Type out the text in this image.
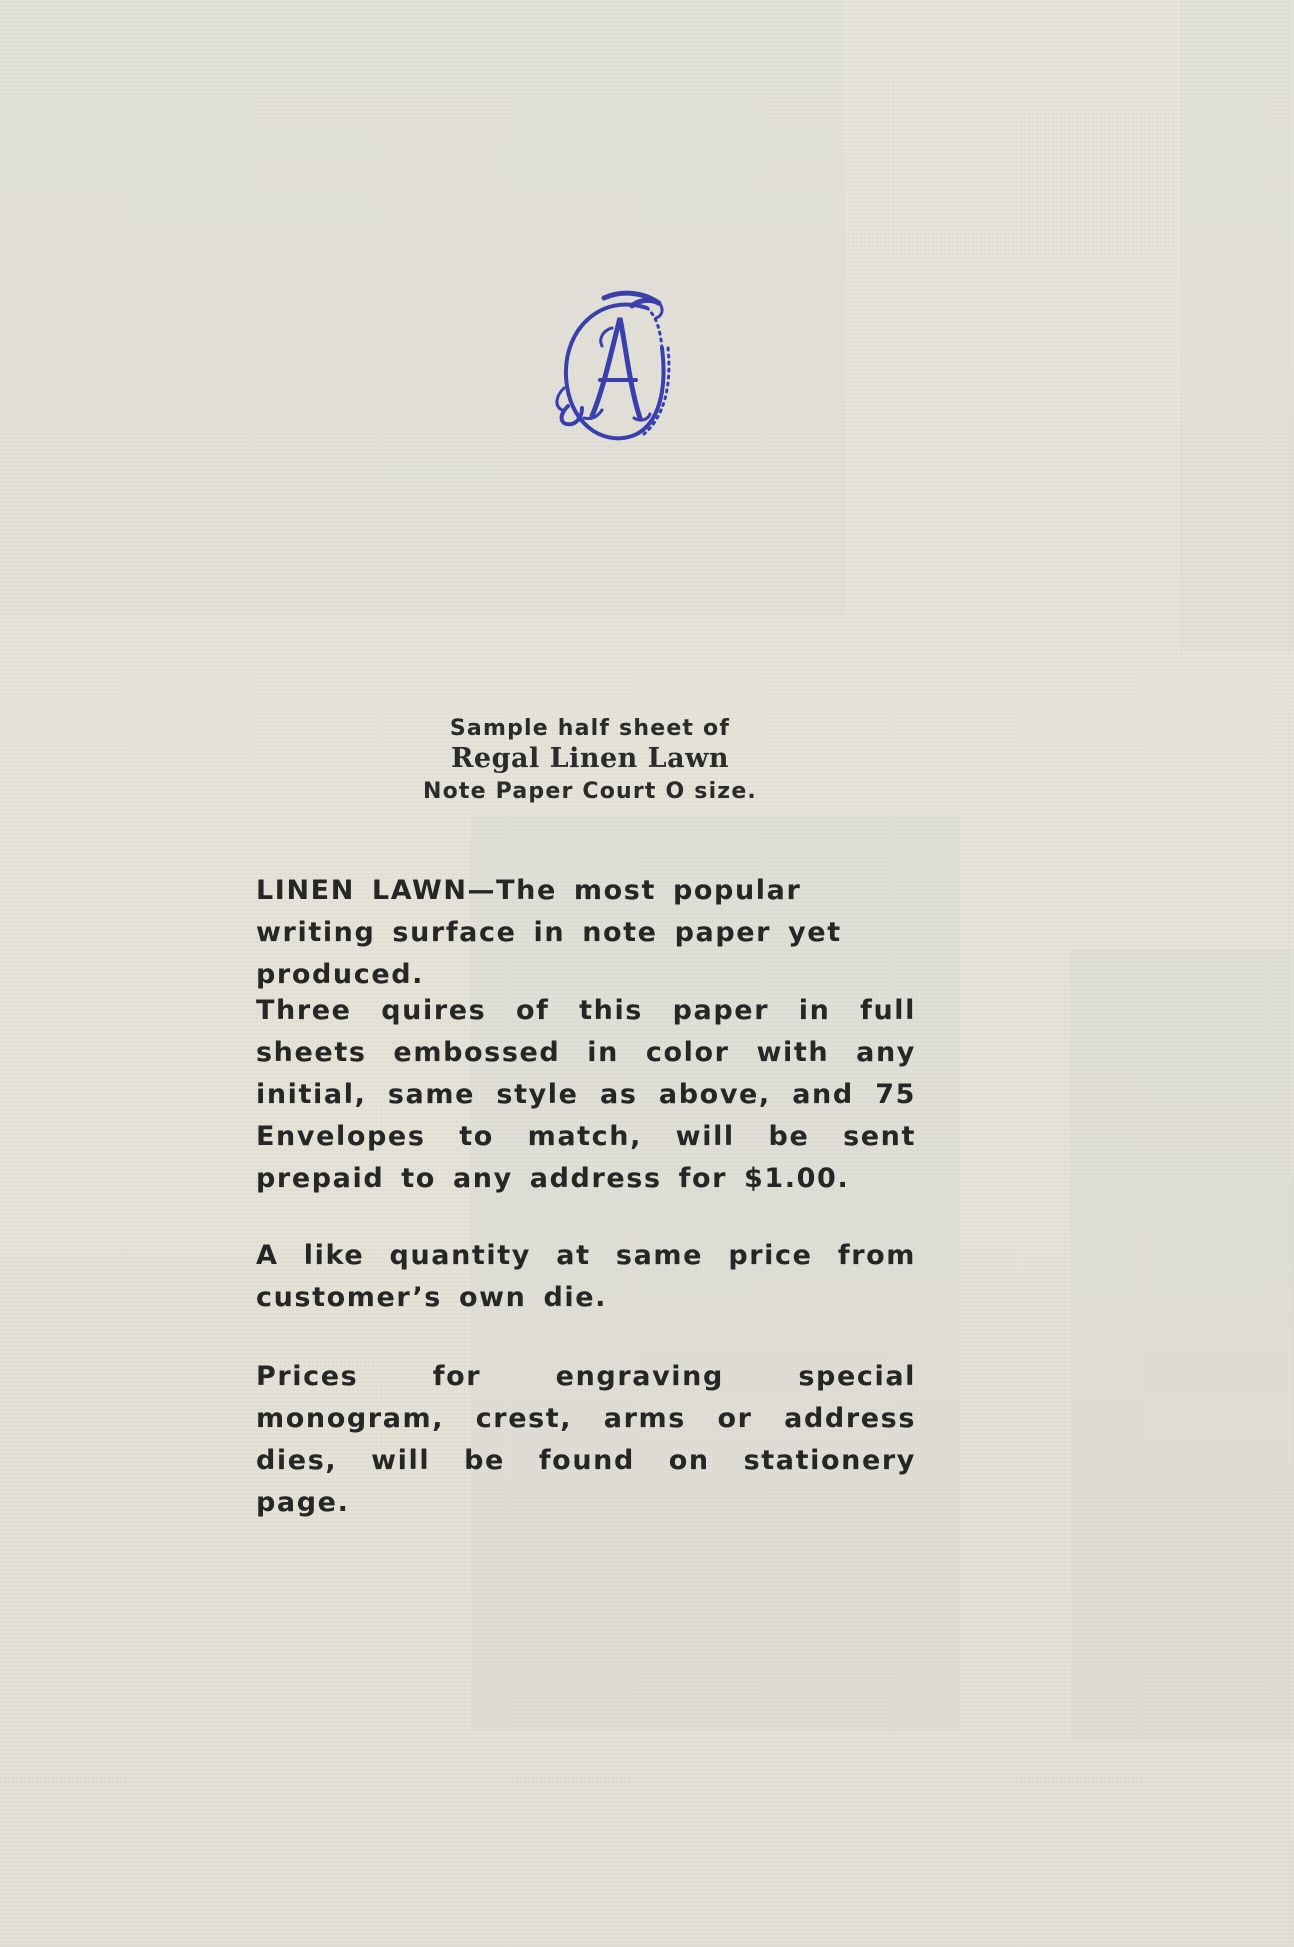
Sample half sheet of
Regal Linen Lawn
Note Paper Court O size.
LINEN LAWN—The most popular writing surface in note paper yet produced.
Three quires of this paper in full sheets embossed in color with any initial, same style as above, and 75 Envelopes to match, will be sent prepaid to any address for $1.00.
A like quantity at same price from customer’s own die.
Prices for engraving special monogram, crest, arms or address dies, will be found on stationery page.
